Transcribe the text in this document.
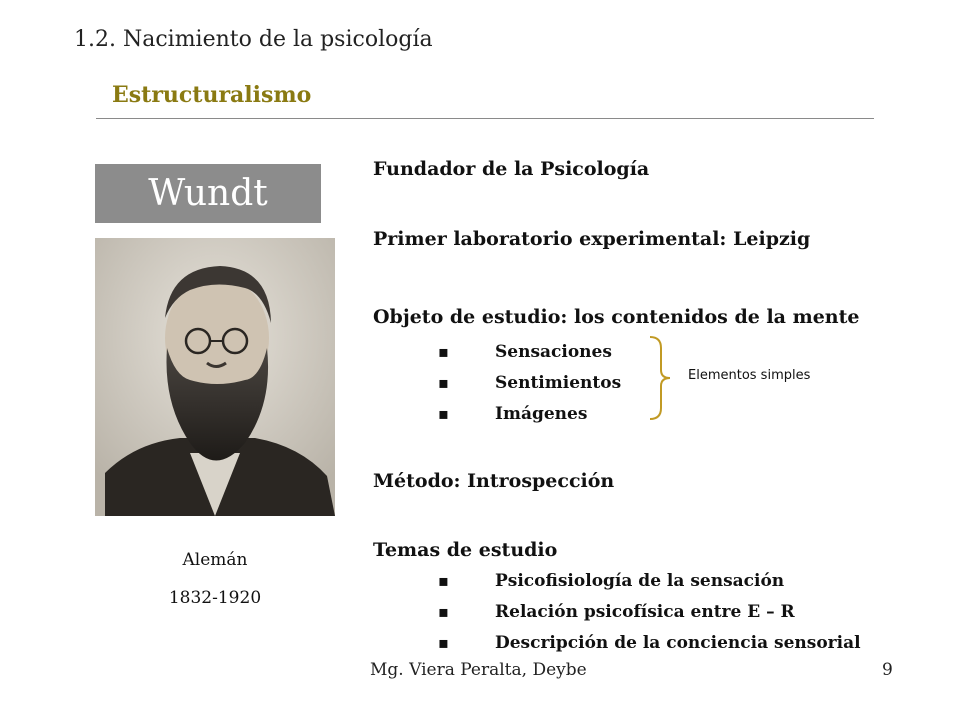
1.2. Nacimiento de la psicología
Estructuralismo
Wundt
Alemán
1832-1920
Fundador de la Psicología
Primer laboratorio experimental: Leipzig
Objeto de estudio: los contenidos de la mente
▪	Sensaciones
▪	Sentimientos
▪	Imágenes
Elementos simples
Método: Introspección
Temas de estudio
▪	Psicofisiología de la sensación
▪	Relación psicofísica entre E – R
▪	Descripción de la conciencia sensorial
Mg. Viera Peralta, Deybe	9
